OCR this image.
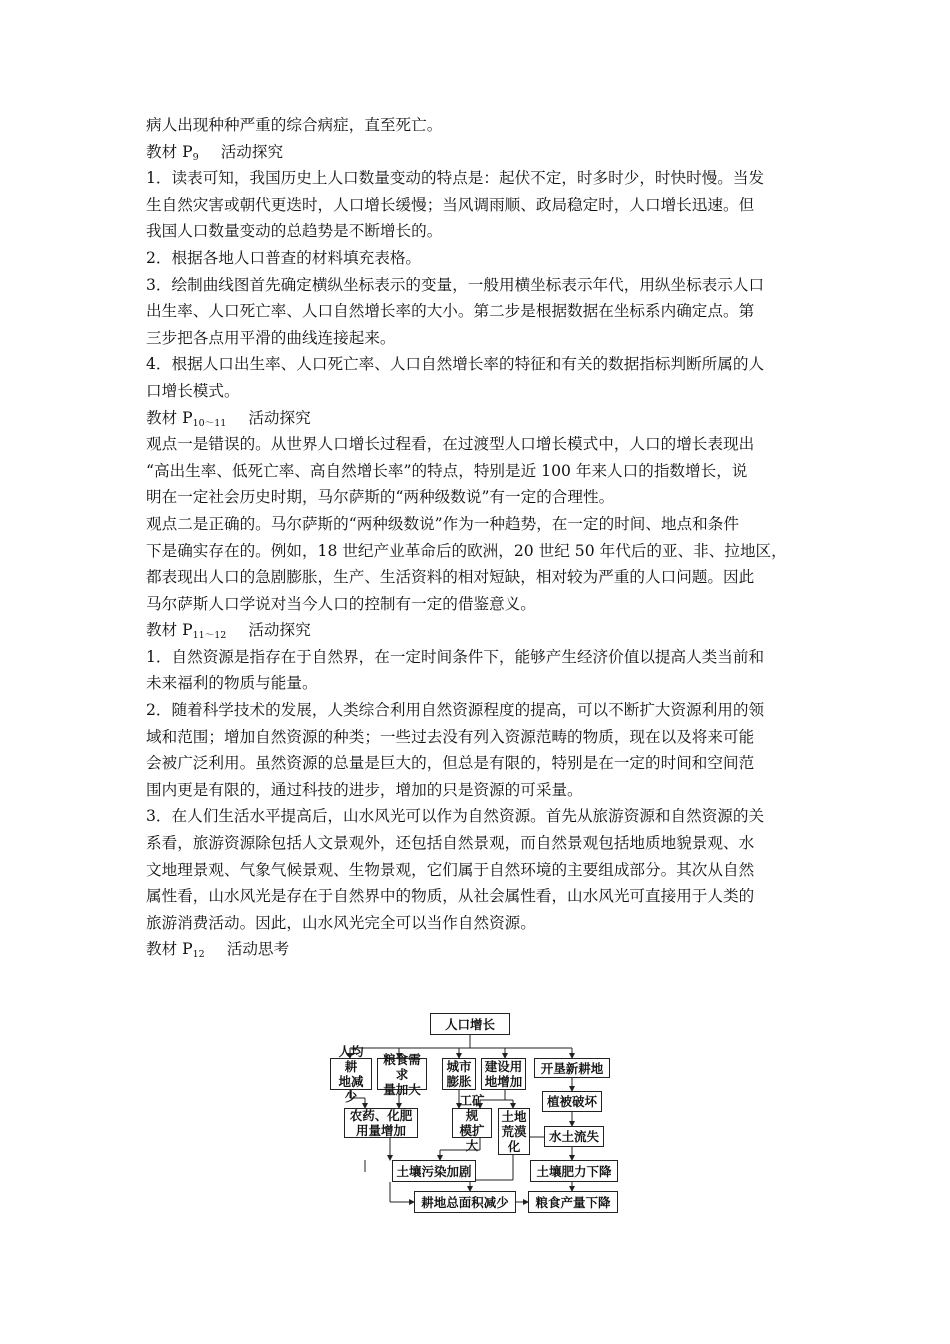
病人出现种种严重的综合病症，直至死亡。
教材 P9 活动探究
1．读表可知，我国历史上人口数量变动的特点是：起伏不定，时多时少，时快时慢。当发
生自然灾害或朝代更迭时，人口增长缓慢；当风调雨顺、政局稳定时，人口增长迅速。但
我国人口数量变动的总趋势是不断增长的。
2．根据各地人口普查的材料填充表格。
3．绘制曲线图首先确定横纵坐标表示的变量，一般用横坐标表示年代，用纵坐标表示人口
出生率、人口死亡率、人口自然增长率的大小。第二步是根据数据在坐标系内确定点。第
三步把各点用平滑的曲线连接起来。
4．根据人口出生率、人口死亡率、人口自然增长率的特征和有关的数据指标判断所属的人
口增长模式。
教材 P10～11 活动探究
观点一是错误的。从世界人口增长过程看，在过渡型人口增长模式中，人口的增长表现出
“高出生率、低死亡率、高自然增长率”的特点，特别是近 100 年来人口的指数增长，说
明在一定社会历史时期，马尔萨斯的“两种级数说”有一定的合理性。
观点二是正确的。马尔萨斯的“两种级数说”作为一种趋势，在一定的时间、地点和条件
下是确实存在的。例如，18 世纪产业革命后的欧洲，20 世纪 50 年代后的亚、非、拉地区，
都表现出人口的急剧膨胀，生产、生活资料的相对短缺，相对较为严重的人口问题。因此
马尔萨斯人口学说对当今人口的控制有一定的借鉴意义。
教材 P11～12 活动探究
1．自然资源是指存在于自然界，在一定时间条件下，能够产生经济价值以提高人类当前和
未来福利的物质与能量。
2．随着科学技术的发展，人类综合利用自然资源程度的提高，可以不断扩大资源利用的领
域和范围；增加自然资源的种类；一些过去没有列入资源范畴的物质，现在以及将来可能
会被广泛利用。虽然资源的总量是巨大的，但总是有限的，特别是在一定的时间和空间范
围内更是有限的，通过科技的进步，增加的只是资源的可采量。
3．在人们生活水平提高后，山水风光可以作为自然资源。首先从旅游资源和自然资源的关
系看，旅游资源除包括人文景观外，还包括自然景观，而自然景观包括地质地貌景观、水
文地理景观、气象气候景观、生物景观，它们属于自然环境的主要组成部分。其次从自然
属性看，山水风光是存在于自然界中的物质，从社会属性看，山水风光可直接用于人类的
旅游消费活动。因此，山水风光完全可以当作自然资源。
教材 P12 活动思考
人口增长
人均耕
地减少
粮食需求
量加大
城市
膨胀
建设用
地增加
开垦新耕地
农药、化肥
用量增加
工矿规
模扩大
土地
荒漠
化
植被破坏
水土流失
土壤污染加剧	土壤肥力下降
耕地总面积减少 粮食产量下降
